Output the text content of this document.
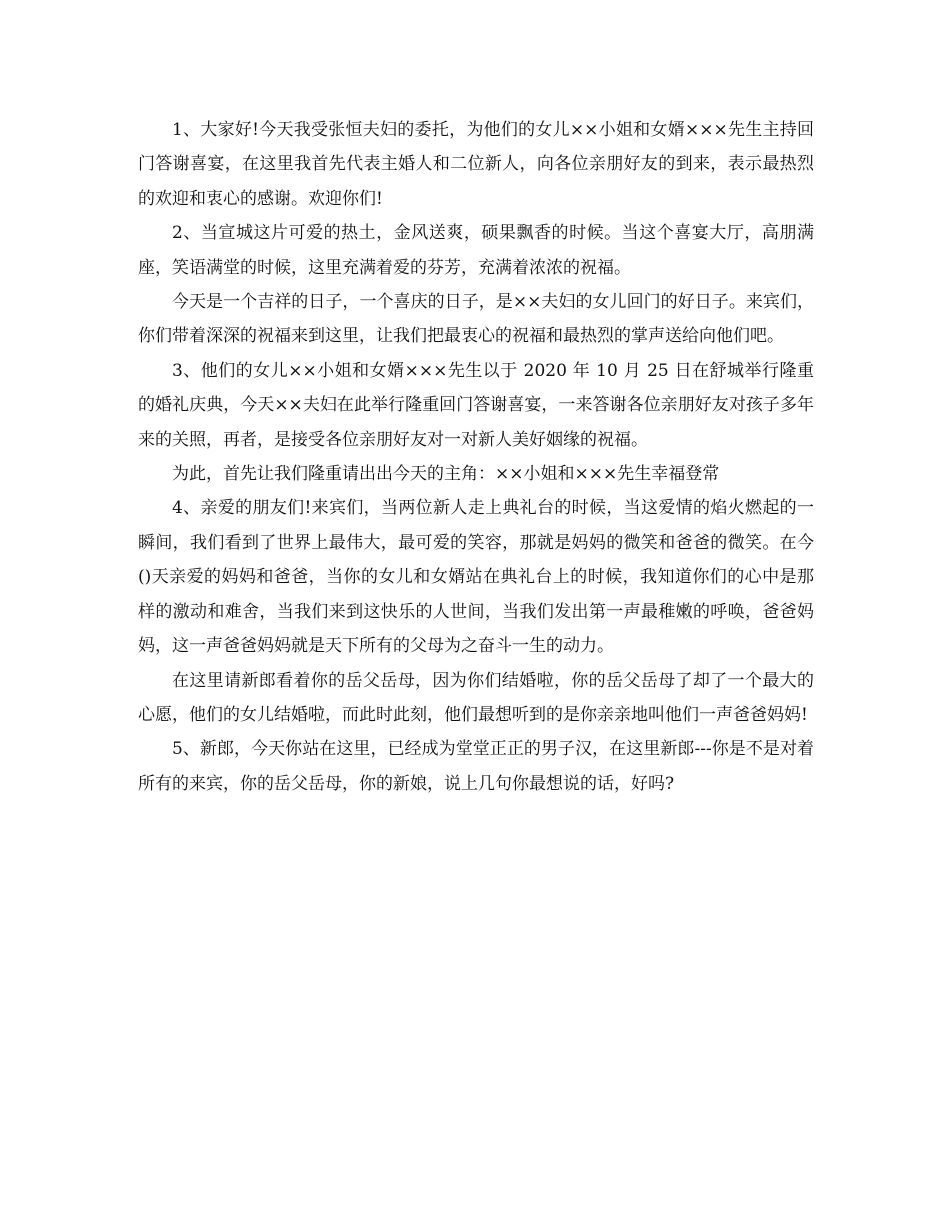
1、大家好!今天我受张恒夫妇的委托，为他们的女儿××小姐和女婿×××先生主持回门答谢喜宴，在这里我首先代表主婚人和二位新人，向各位亲朋好友的到来，表示最热烈的欢迎和衷心的感谢。欢迎你们!

2、当宣城这片可爱的热土，金风送爽，硕果飘香的时候。当这个喜宴大厅，高朋满座，笑语满堂的时候，这里充满着爱的芬芳，充满着浓浓的祝福。

今天是一个吉祥的日子，一个喜庆的日子，是××夫妇的女儿回门的好日子。来宾们，你们带着深深的祝福来到这里，让我们把最衷心的祝福和最热烈的掌声送给向他们吧。

3、他们的女儿××小姐和女婿×××先生以于 2020 年 10 月 25 日在舒城举行隆重的婚礼庆典，今天××夫妇在此举行隆重回门答谢喜宴，一来答谢各位亲朋好友对孩子多年来的关照，再者，是接受各位亲朋好友对一对新人美好姻缘的祝福。

为此，首先让我们隆重请出出今天的主角：××小姐和×××先生幸福登常

4、亲爱的朋友们!来宾们，当两位新人走上典礼台的时候，当这爱情的焰火燃起的一瞬间，我们看到了世界上最伟大，最可爱的笑容，那就是妈妈的微笑和爸爸的微笑。在今()天亲爱的妈妈和爸爸，当你的女儿和女婿站在典礼台上的时候，我知道你们的心中是那样的激动和难舍，当我们来到这快乐的人世间，当我们发出第一声最稚嫩的呼唤，爸爸妈妈，这一声爸爸妈妈就是天下所有的父母为之奋斗一生的动力。

在这里请新郎看着你的岳父岳母，因为你们结婚啦，你的岳父岳母了却了一个最大的心愿，他们的女儿结婚啦，而此时此刻，他们最想听到的是你亲亲地叫他们一声爸爸妈妈!

5、新郎，今天你站在这里，已经成为堂堂正正的男子汉，在这里新郎---你是不是对着所有的来宾，你的岳父岳母，你的新娘，说上几句你最想说的话，好吗?
